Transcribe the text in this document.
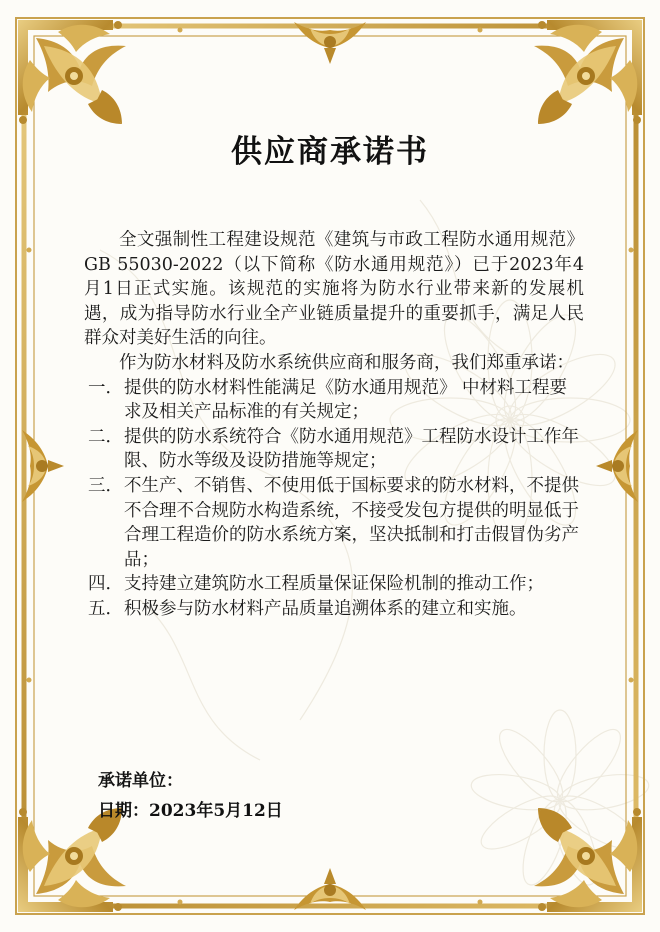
供应商承诺书

全文强制性工程建设规范《建筑与市政工程防水通用规范》GB 55030-2022（以下简称《防水通用规范》）已于2023年4月1日正式实施。该规范的实施将为防水行业带来新的发展机遇，成为指导防水行业全产业链质量提升的重要抓手，满足人民群众对美好生活的向往。

作为防水材料及防水系统供应商和服务商，我们郑重承诺：

一． 提供的防水材料性能满足《防水通用规范》 中材料工程要求及相关产品标准的有关规定；
二． 提供的防水系统符合《防水通用规范》工程防水设计工作年限、防水等级及设防措施等规定；
三． 不生产、不销售、不使用低于国标要求的防水材料，不提供不合理不合规防水构造系统，不接受发包方提供的明显低于合理工程造价的防水系统方案，坚决抵制和打击假冒伪劣产品；
四． 支持建立建筑防水工程质量保证保险机制的推动工作；
五． 积极参与防水材料产品质量追溯体系的建立和实施。
承诺单位：
日期：2023年5月12日
